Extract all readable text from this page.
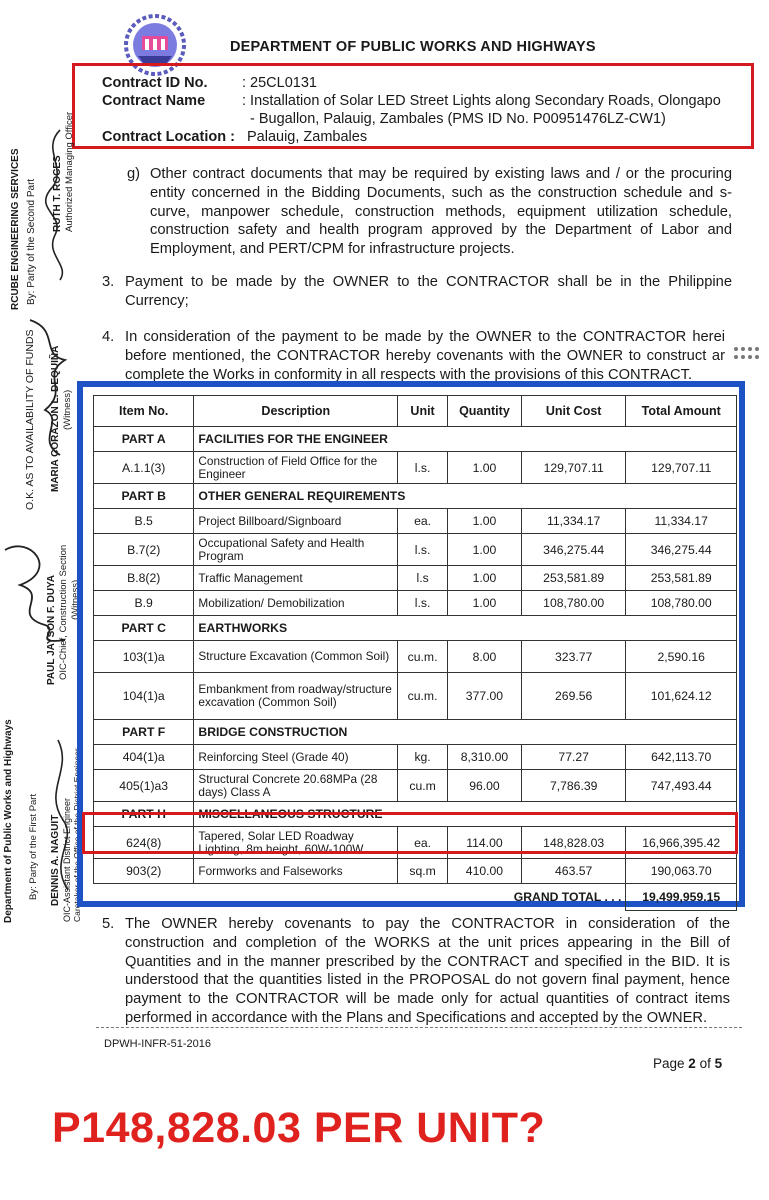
DEPARTMENT OF PUBLIC WORKS AND HIGHWAYS
Contract ID No. : 25CL0131
Contract Name	: Installation of Solar LED Street Lights along Secondary Roads, Olongapo
- Bugallon, Palauig, Zambales (PMS ID No. P00951476LZ-CW1)
Contract Location : Palauig, Zambales
g) Other contract documents that may be required by existing laws and / or the procuring entity concerned in the Bidding Documents, such as the construction schedule and s-curve, manpower schedule, construction methods, equipment utilization schedule, construction safety and health program approved by the Department of Labor and Employment, and PERT/CPM for infrastructure projects.
3. Payment to be made by the OWNER to the CONTRACTOR shall be in the Philippine Currency;
4. In consideration of the payment to be made by the OWNER to the CONTRACTOR herei before mentioned, the CONTRACTOR hereby covenants with the OWNER to construct ar complete the Works in conformity in all respects with the provisions of this CONTRACT.
RCUBE ENGINEERING SERVICES By: Party of the Second Part RUTH T. ROCES Authorized Managing Officer
O.K. AS TO AVAILABILITY OF FUNDS MARIA CORAZON L. DEQUIÑA (Witness)
PAUL JAYSON F. DUYA OIC-Chief, Construction Section (Witness)
Department of Public Works and Highways By: Party of the First Part DENNIS A. NAGUIT OIC-Assistant District Engineer Caretaker of the Office of the District Engineer
Item No.	Description	Unit	Quantity	Unit Cost	Total Amount
PART A	FACILITIES FOR THE ENGINEER				
A.1.1(3)	Construction of Field Office for the Engineer	l.s.	1.00	129,707.11	129,707.11
PART B	OTHER GENERAL REQUIREMENTS				
B.5	Project Billboard/Signboard	ea.	1.00	11,334.17	11,334.17
B.7(2)	Occupational Safety and Health Program	l.s.	1.00	346,275.44	346,275.44
B.8(2)	Traffic Management	l.s	1.00	253,581.89	253,581.89
B.9	Mobilization/ Demobilization	l.s.	1.00	108,780.00	108,780.00
PART C	EARTHWORKS				
103(1)a	Structure Excavation (Common Soil)	cu.m.	8.00	323.77	2,590.16
104(1)a	Embankment from roadway/structure excavation (Common Soil)	cu.m.	377.00	269.56	101,624.12
PART F	BRIDGE CONSTRUCTION				
404(1)a	Reinforcing Steel (Grade 40)	kg.	8,310.00	77.27	642,113.70
405(1)a3	Structural Concrete 20.68MPa (28 days) Class A	cu.m	96.00	7,786.39	747,493.44
PART H	MISCELLANEOUS STRUCTURE				
624(8)	Tapered, Solar LED Roadway Lighting, 8m height, 60W-100W	ea.	114.00	148,828.03	16,966,395.42
903(2)	Formworks and Falseworks	sq.m	410.00	463.57	190,063.70
GRAND TOTAL . . .					19,499,959.15
5. The OWNER hereby covenants to pay the CONTRACTOR in consideration of the construction and completion of the WORKS at the unit prices appearing in the Bill of Quantities and in the manner prescribed by the CONTRACT and specified in the BID. It is understood that the quantities listed in the PROPOSAL do not govern final payment, hence payment to the CONTRACTOR will be made only for actual quantities of contract items performed in accordance with the Plans and Specifications and accepted by the OWNER.
DPWH-INFR-51-2016
Page 2 of 5
P148,828.03 PER UNIT?
